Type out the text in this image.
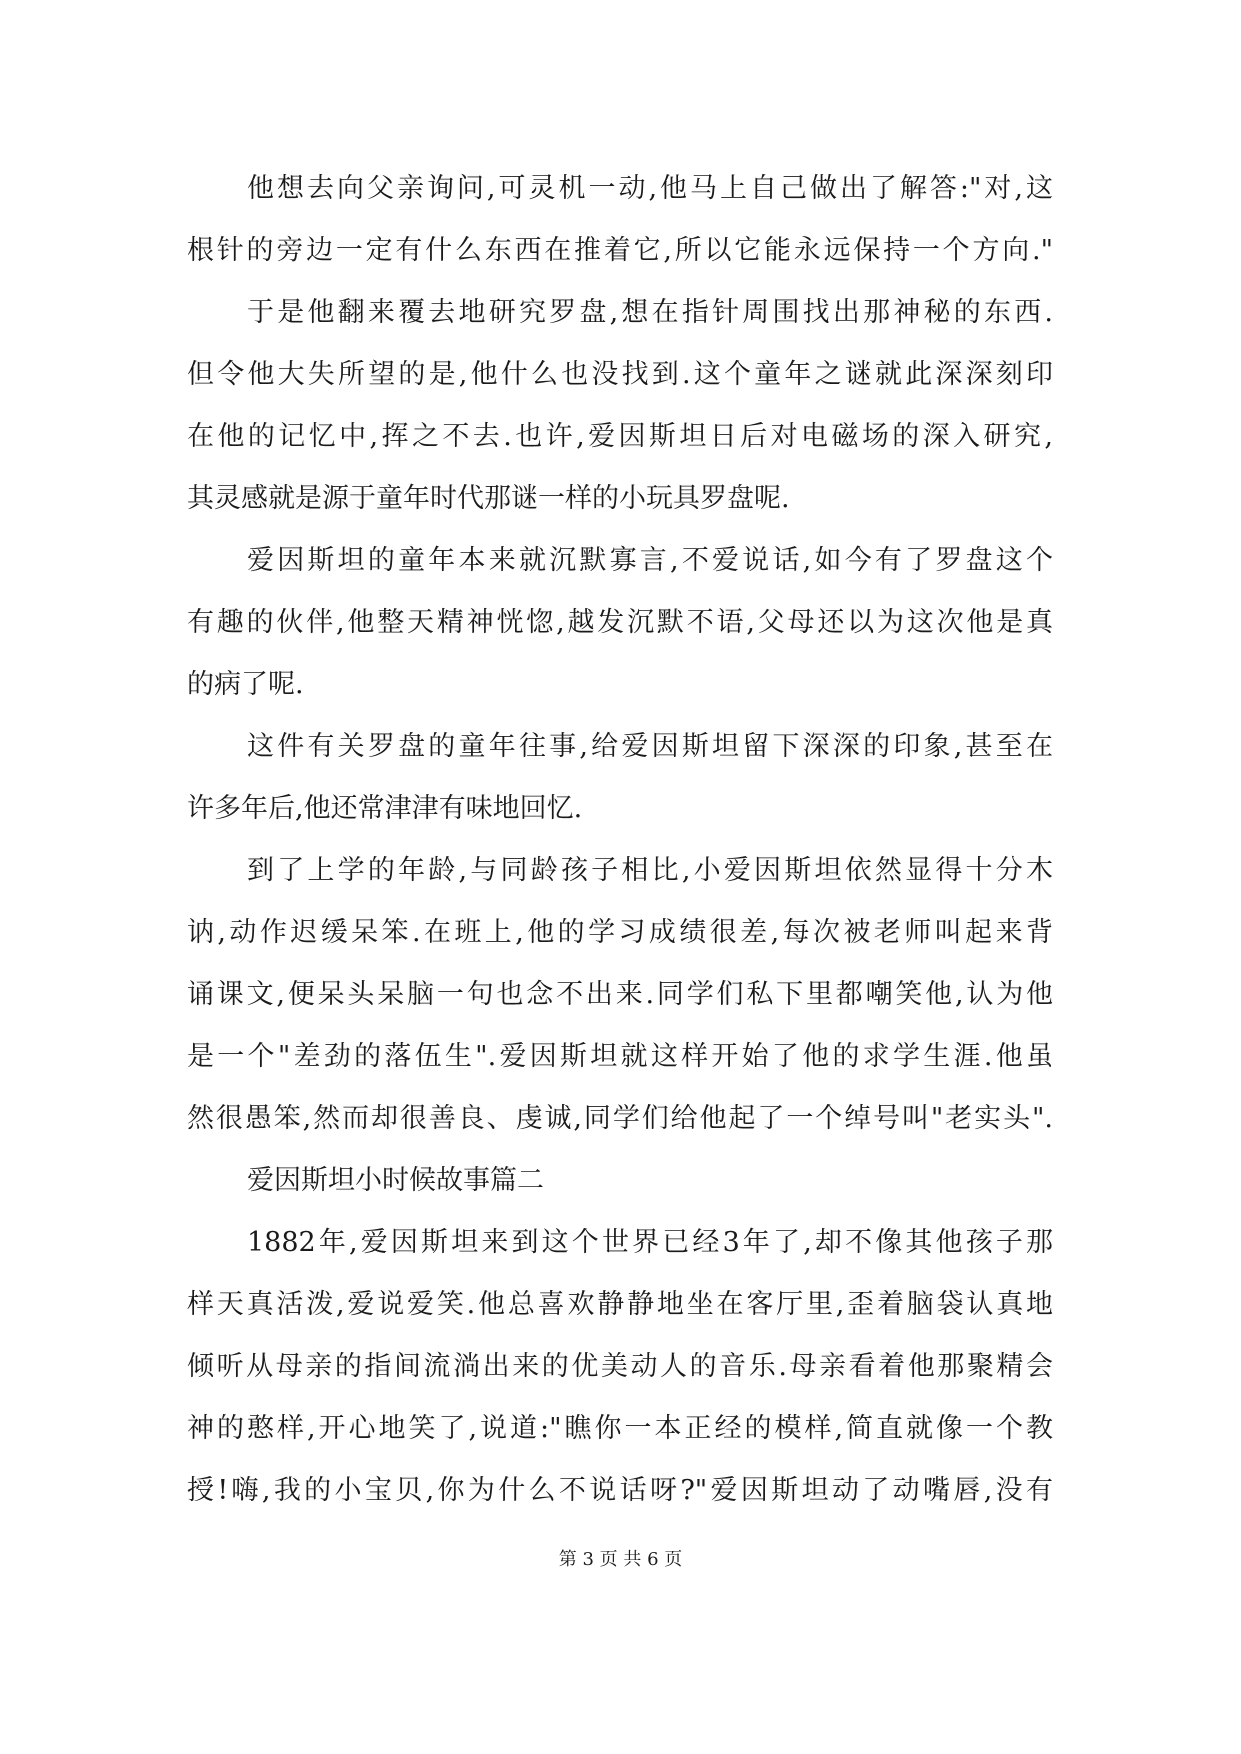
他想去向父亲询问,可灵机一动,他马上自己做出了解答:"对,这
根针的旁边一定有什么东西在推着它,所以它能永远保持一个方向."
于是他翻来覆去地研究罗盘,想在指针周围找出那神秘的东西.
但令他大失所望的是,他什么也没找到.这个童年之谜就此深深刻印
在他的记忆中,挥之不去.也许,爱因斯坦日后对电磁场的深入研究,
其灵感就是源于童年时代那谜一样的小玩具罗盘呢.
爱因斯坦的童年本来就沉默寡言,不爱说话,如今有了罗盘这个
有趣的伙伴,他整天精神恍惚,越发沉默不语,父母还以为这次他是真
的病了呢.
这件有关罗盘的童年往事,给爱因斯坦留下深深的印象,甚至在
许多年后,他还常津津有味地回忆.
到了上学的年龄,与同龄孩子相比,小爱因斯坦依然显得十分木
讷,动作迟缓呆笨.在班上,他的学习成绩很差,每次被老师叫起来背
诵课文,便呆头呆脑一句也念不出来.同学们私下里都嘲笑他,认为他
是一个"差劲的落伍生".爱因斯坦就这样开始了他的求学生涯.他虽
然很愚笨,然而却很善良、虔诚,同学们给他起了一个绰号叫"老实头".
爱因斯坦小时候故事篇二
1882年,爱因斯坦来到这个世界已经3年了,却不像其他孩子那
样天真活泼,爱说爱笑.他总喜欢静静地坐在客厅里,歪着脑袋认真地
倾听从母亲的指间流淌出来的优美动人的音乐.母亲看着他那聚精会
神的憨样,开心地笑了,说道:"瞧你一本正经的模样,简直就像一个教
授!嗨,我的小宝贝,你为什么不说话呀?"爱因斯坦动了动嘴唇,没有
第 3 页 共 6 页
